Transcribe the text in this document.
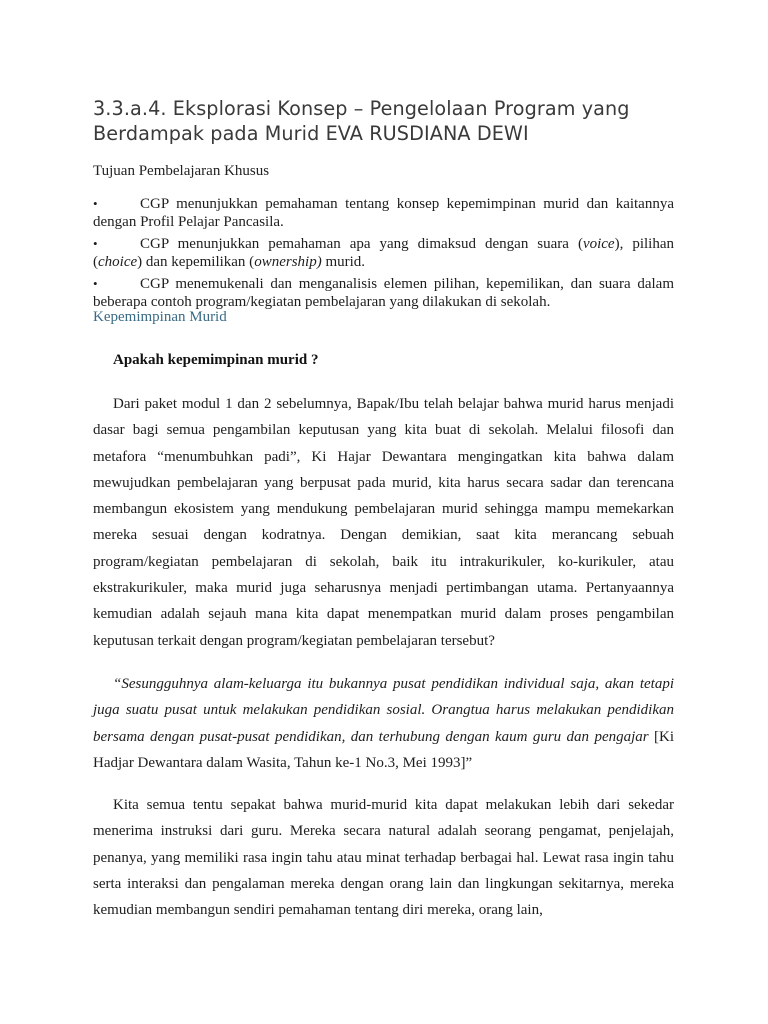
3.3.a.4. Eksplorasi Konsep – Pengelolaan Program yang Berdampak pada Murid EVA RUSDIANA DEWI
Tujuan Pembelajaran Khusus
•	CGP menunjukkan pemahaman tentang konsep kepemimpinan murid dan kaitannya dengan Profil Pelajar Pancasila.
•	CGP menunjukkan pemahaman apa yang dimaksud dengan suara (voice), pilihan (choice) dan kepemilikan (ownership) murid.
•	CGP menemukenali dan menganalisis elemen pilihan, kepemilikan, dan suara dalam beberapa contoh program/kegiatan pembelajaran yang dilakukan di sekolah.
Kepemimpinan Murid
Apakah kepemimpinan murid ?

Dari paket modul 1 dan 2 sebelumnya, Bapak/Ibu telah belajar bahwa murid harus menjadi dasar bagi semua pengambilan keputusan yang kita buat di sekolah. Melalui filosofi dan metafora “menumbuhkan padi”, Ki Hajar Dewantara mengingatkan kita bahwa dalam mewujudkan pembelajaran yang berpusat pada murid, kita harus secara sadar dan terencana membangun ekosistem yang mendukung pembelajaran murid sehingga mampu memekarkan mereka sesuai dengan kodratnya. Dengan demikian, saat kita merancang sebuah program/kegiatan pembelajaran di sekolah, baik itu intrakurikuler, ko-kurikuler, atau ekstrakurikuler, maka murid juga seharusnya menjadi pertimbangan utama. Pertanyaannya kemudian adalah sejauh mana kita dapat menempatkan murid dalam proses pengambilan keputusan terkait dengan program/kegiatan pembelajaran tersebut?

“Sesungguhnya alam-keluarga itu bukannya pusat pendidikan individual saja, akan tetapi juga suatu pusat untuk melakukan pendidikan sosial. Orangtua harus melakukan pendidikan bersama dengan pusat-pusat pendidikan, dan terhubung dengan kaum guru dan pengajar [Ki Hadjar Dewantara dalam Wasita, Tahun ke-1 No.3, Mei 1993]”

Kita semua tentu sepakat bahwa murid-murid kita dapat melakukan lebih dari sekedar menerima instruksi dari guru. Mereka secara natural adalah seorang pengamat, penjelajah, penanya, yang memiliki rasa ingin tahu atau minat terhadap berbagai hal. Lewat rasa ingin tahu serta interaksi dan pengalaman mereka dengan orang lain dan lingkungan sekitarnya, mereka kemudian membangun sendiri pemahaman tentang diri mereka, orang lain,
